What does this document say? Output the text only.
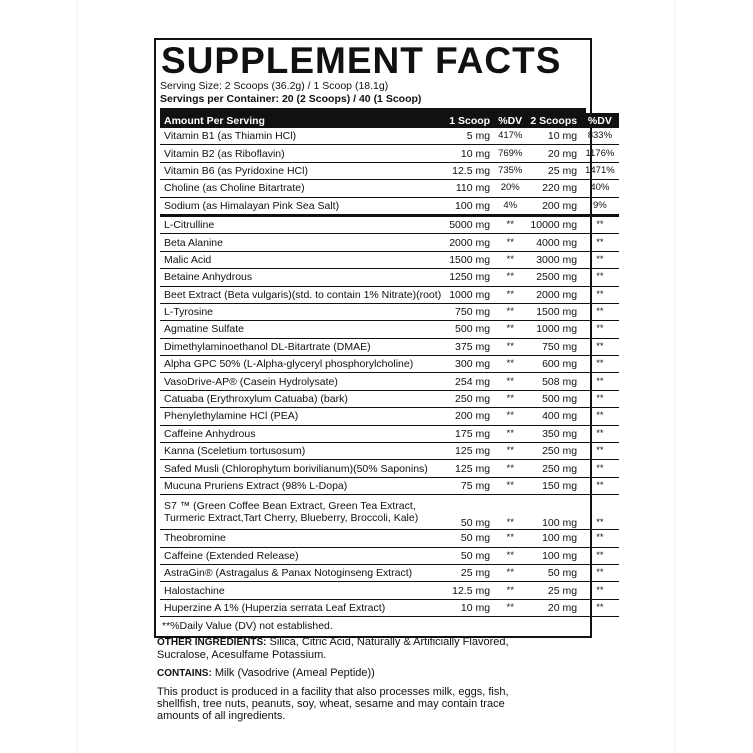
SUPPLEMENT FACTS
Serving Size: 2 Scoops (36.2g) / 1 Scoop (18.1g)
Servings per Container: 20 (2 Scoops) / 40 (1 Scoop)
Amount Per Serving	1 Scoop	%DV	2 Scoops	%DV
Vitamin B1 (as Thiamin HCl)	5 mg	417%	10 mg	833%
Vitamin B2 (as Riboflavin)	10 mg	769%	20 mg	1176%
Vitamin B6 (as Pyridoxine HCl)	12.5 mg	735%	25 mg	1471%
Choline (as Choline Bitartrate)	110 mg	20%	220 mg	40%
Sodium (as Himalayan Pink Sea Salt)	100 mg	4%	200 mg	9%
L-Citrulline	5000 mg	**	10000 mg	**
Beta Alanine	2000 mg	**	4000 mg	**
Malic Acid	1500 mg	**	3000 mg	**
Betaine Anhydrous	1250 mg	**	2500 mg	**
Beet Extract (Beta vulgaris)(std. to contain 1% Nitrate)(root)	1000 mg	**	2000 mg	**
L-Tyrosine	750 mg	**	1500 mg	**
Agmatine Sulfate	500 mg	**	1000 mg	**
Dimethylaminoethanol DL-Bitartrate (DMAE)	375 mg	**	750 mg	**
Alpha GPC 50% (L-Alpha-glyceryl phosphorylcholine)	300 mg	**	600 mg	**
VasoDrive-AP® (Casein Hydrolysate)	254 mg	**	508 mg	**
Catuaba (Erythroxylum Catuaba) (bark)	250 mg	**	500 mg	**
Phenylethylamine HCl (PEA)	200 mg	**	400 mg	**
Caffeine Anhydrous	175 mg	**	350 mg	**
Kanna (Sceletium tortusosum)	125 mg	**	250 mg	**
Safed Musli (Chlorophytum borivilianum)(50% Saponins)	125 mg	**	250 mg	**
Mucuna Pruriens Extract (98% L-Dopa)	75 mg	**	150 mg	**
S7 ™ (Green Coffee Bean Extract, Green Tea Extract, Turmeric Extract,Tart Cherry, Blueberry, Broccoli, Kale)	50 mg	**	100 mg	**
Theobromine	50 mg	**	100 mg	**
Caffeine (Extended Release)	50 mg	**	100 mg	**
AstraGin® (Astragalus & Panax Notoginseng Extract)	25 mg	**	50 mg	**
Halostachine	12.5 mg	**	25 mg	**
Huperzine A 1% (Huperzia serrata Leaf Extract)	10 mg	**	20 mg	**
**%Daily Value (DV) not established.
OTHER INGREDIENTS: Silica, Citric Acid, Naturally & Artificially Flavored, Sucralose, Acesulfame Potassium.
CONTAINS: Milk (Vasodrive (Ameal Peptide))
This product is produced in a facility that also processes milk, eggs, fish, shellfish, tree nuts, peanuts, soy, wheat, sesame and may contain trace amounts of all ingredients.
